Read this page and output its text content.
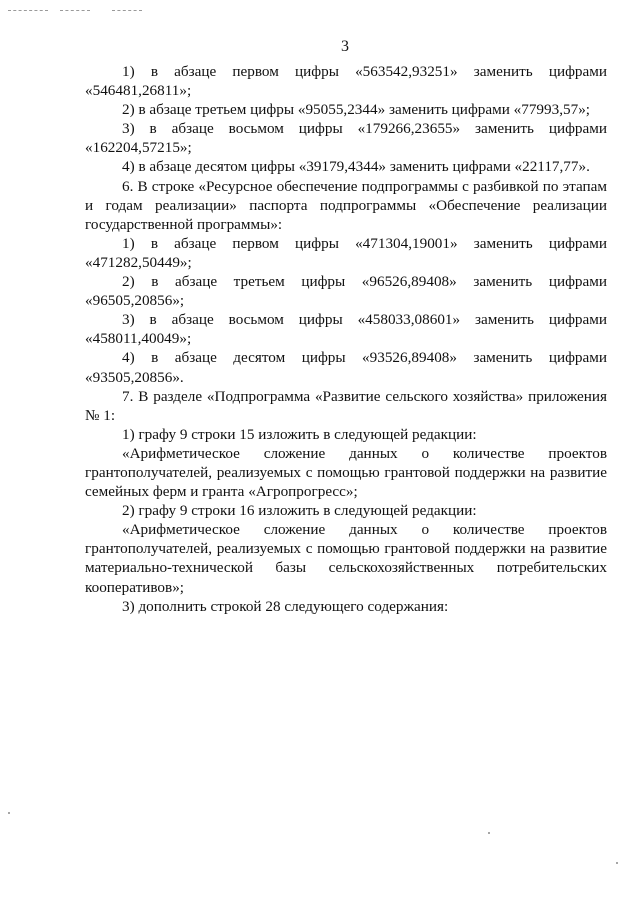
3

1) в абзаце первом цифры «563542,93251» заменить цифрами «546481,26811»;

2) в абзаце третьем цифры «95055,2344» заменить цифрами «77993,57»;

3) в абзаце восьмом цифры «179266,23655» заменить цифрами «162204,57215»;

4) в абзаце десятом цифры «39179,4344» заменить цифрами «22117,77».

6. В строке «Ресурсное обеспечение подпрограммы с разбивкой по этапам и годам реализации» паспорта подпрограммы «Обеспечение реализации государственной программы»:

1) в абзаце первом цифры «471304,19001» заменить цифрами «471282,50449»;

2) в абзаце третьем цифры «96526,89408» заменить цифрами «96505,20856»;

3) в абзаце восьмом цифры «458033,08601» заменить цифрами «458011,40049»;

4) в абзаце десятом цифры «93526,89408» заменить цифрами «93505,20856».

7. В разделе «Подпрограмма «Развитие сельского хозяйства» приложения № 1:

1) графу 9 строки 15 изложить в следующей редакции:

«Арифметическое сложение данных о количестве проектов грантополучателей, реализуемых с помощью грантовой поддержки на развитие семейных ферм и гранта «Агропрогресс»;

2) графу 9 строки 16 изложить в следующей редакции:

«Арифметическое сложение данных о количестве проектов грантополучателей, реализуемых с помощью грантовой поддержки на развитие материально-технической базы сельскохозяйственных потребительских кооперативов»;

3) дополнить строкой 28 следующего содержания:
